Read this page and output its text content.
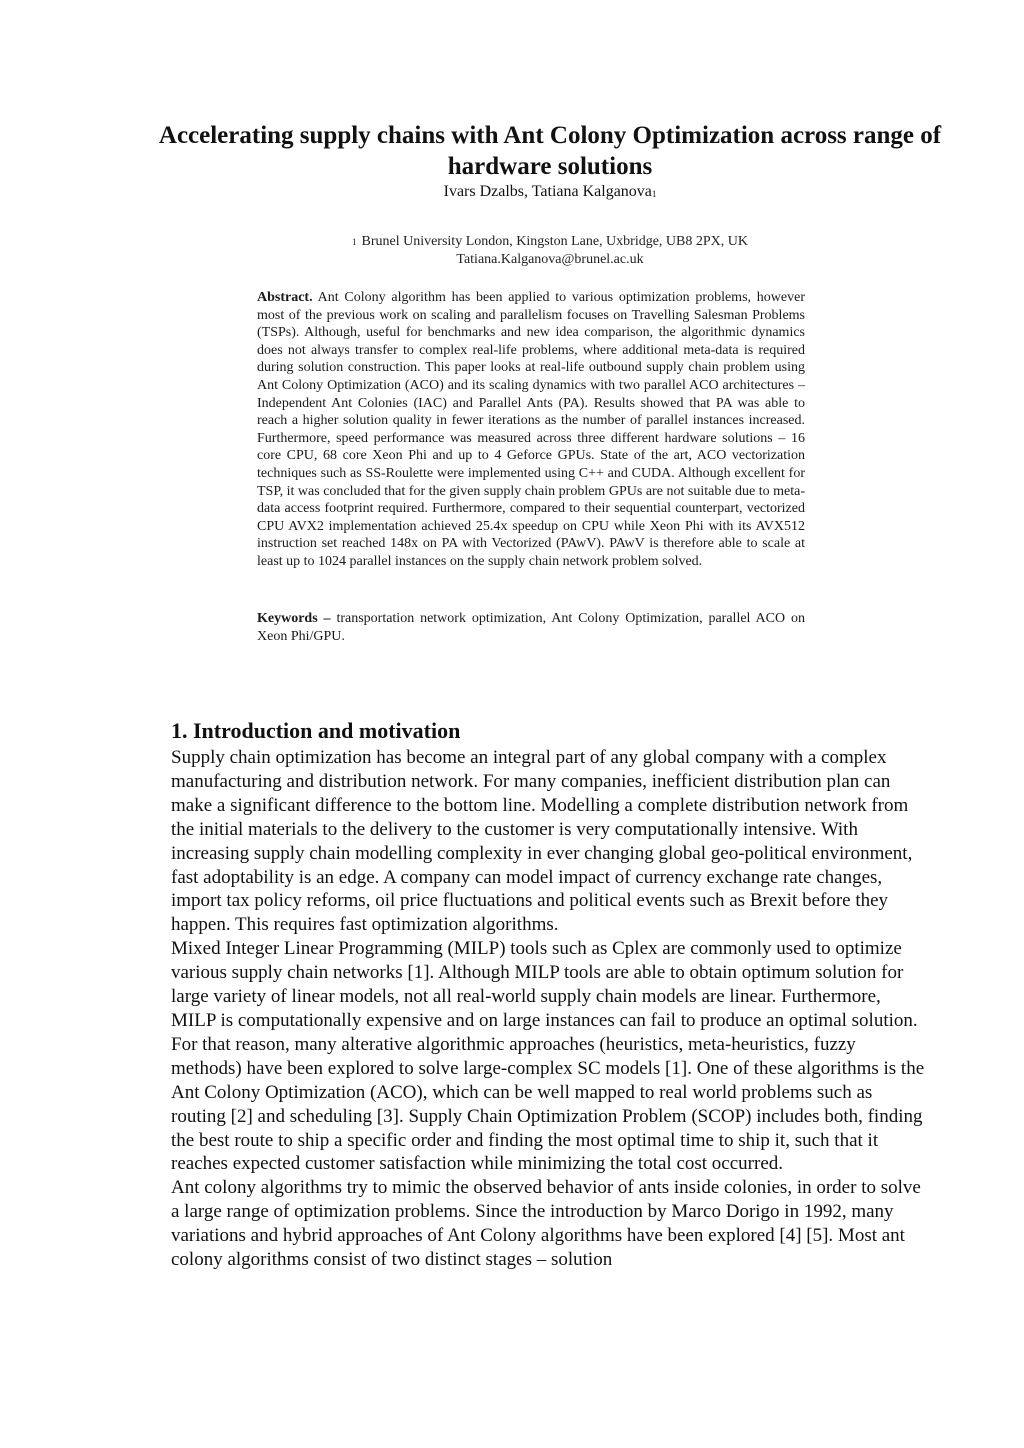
Accelerating supply chains with Ant Colony Optimization across range of hardware solutions

Ivars Dzalbs, Tatiana Kalganova$^1$

1 Brunel University London, Kingston Lane, Uxbridge, UB8 2PX, UK
Tatiana.Kalganova@brunel.ac.uk

Abstract. Ant Colony algorithm has been applied to various optimization problems, however most of the previous work on scaling and parallelism focuses on Travelling Salesman Problems (TSPs). Although, useful for benchmarks and new idea comparison, the algorithmic dynamics does not always transfer to complex real-life problems, where additional meta-data is required during solution construction. This paper looks at real-life outbound supply chain problem using Ant Colony Optimization (ACO) and its scaling dynamics with two parallel ACO architectures – Independent Ant Colonies (IAC) and Parallel Ants (PA). Results showed that PA was able to reach a higher solution quality in fewer iterations as the number of parallel instances increased. Furthermore, speed performance was measured across three different hardware solutions – 16 core CPU, 68 core Xeon Phi and up to 4 Geforce GPUs. State of the art, ACO vectorization techniques such as SS-Roulette were implemented using C++ and CUDA. Although excellent for TSP, it was concluded that for the given supply chain problem GPUs are not suitable due to meta-data access footprint required. Furthermore, compared to their sequential counterpart, vectorized CPU AVX2 implementation achieved 25.4x speedup on CPU while Xeon Phi with its AVX512 instruction set reached 148x on PA with Vectorized (PAwV). PAwV is therefore able to scale at least up to 1024 parallel instances on the supply chain network problem solved.

Keywords – transportation network optimization, Ant Colony Optimization, parallel ACO on Xeon Phi/GPU.

1. Introduction and motivation

Supply chain optimization has become an integral part of any global company with a complex manufacturing and distribution network. For many companies, inefficient distribution plan can make a significant difference to the bottom line. Modelling a complete distribution network from the initial materials to the delivery to the customer is very computationally intensive. With increasing supply chain modelling complexity in ever changing global geo-political environment, fast adoptability is an edge. A company can model impact of currency exchange rate changes, import tax policy reforms, oil price fluctuations and political events such as Brexit before they happen. This requires fast optimization algorithms.

Mixed Integer Linear Programming (MILP) tools such as Cplex are commonly used to optimize various supply chain networks [1]. Although MILP tools are able to obtain optimum solution for large variety of linear models, not all real-world supply chain models are linear. Furthermore, MILP is computationally expensive and on large instances can fail to produce an optimal solution. For that reason, many alterative algorithmic approaches (heuristics, meta-heuristics, fuzzy methods) have been explored to solve large-complex SC models [1]. One of these algorithms is the Ant Colony Optimization (ACO), which can be well mapped to real world problems such as routing [2] and scheduling [3]. Supply Chain Optimization Problem (SCOP) includes both, finding the best route to ship a specific order and finding the most optimal time to ship it, such that it reaches expected customer satisfaction while minimizing the total cost occurred.

Ant colony algorithms try to mimic the observed behavior of ants inside colonies, in order to solve a large range of optimization problems. Since the introduction by Marco Dorigo in 1992, many variations and hybrid approaches of Ant Colony algorithms have been explored [4] [5]. Most ant colony algorithms consist of two distinct stages – solution
